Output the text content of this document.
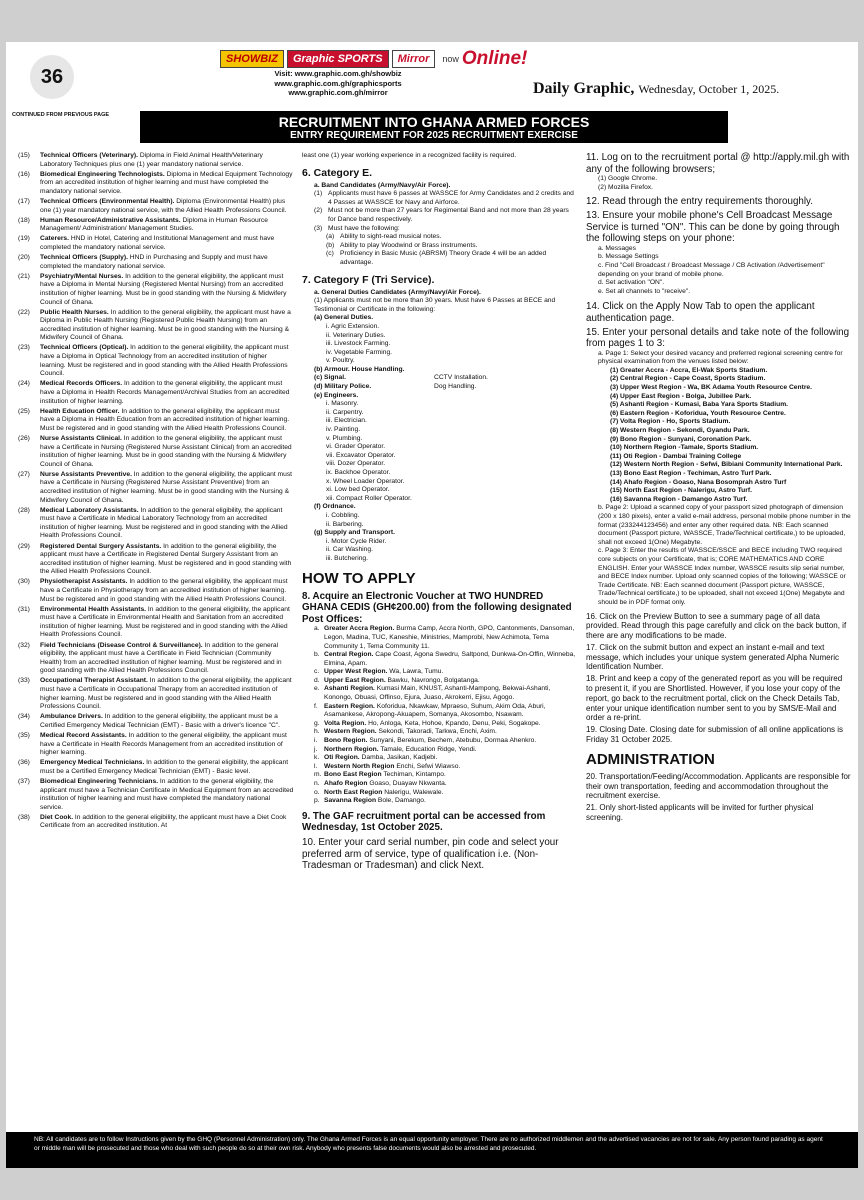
36
SHOWBIZ	Graphic SPORTS	Mirror	now Online!
Visit: www.graphic.com.gh/showbiz
www.graphic.com.gh/graphicsports
www.graphic.com.gh/mirror	Daily Graphic, Wednesday, October 1, 2025.
CONTINUED FROM PREVIOUS PAGE	RECRUITMENT INTO GHANA ARMED FORCES
ENTRY REQUIREMENT FOR 2025 RECRUITMENT EXERCISE
(15)	Technical Officers (Veterinary). Diploma in Field Animal Health/Veterinary Laboratory Techniques plus one (1) year mandatory national service.
(16)	Biomedical Engineering Technologists. Diploma in Medical Equipment Technology from an accredited institution of higher learning and must have completed the mandatory national service.
(17)	Technical Officers (Environmental Health). Diploma (Environmental Health) plus one (1) year mandatory national service, with the Allied Health Professions Council.
(18)	Human Resource/Administrative Assistants. Diploma in Human Resource Management/ Administration/ Management Studies.
(19)	Caterers. HND in Hotel, Catering and Institutional Management and must have completed the mandatory national service.
(20)	Technical Officers (Supply). HND in Purchasing and Supply and must have completed the mandatory national service.
(21)	Psychiatry/Mental Nurses. In addition to the general eligibility, the applicant must have a Diploma in Mental Nursing (Registered Mental Nursing) from an accredited institution of higher learning. Must be in good standing with the Nursing & Midwifery Council of Ghana.
(22)	Public Health Nurses. In addition to the general eligibility, the applicant must have a Diploma in Public Health Nursing (Registered Public Health Nursing) from an accredited institution of higher learning. Must be in good standing with the Nursing & Midwifery Council of Ghana.
(23)	Technical Officers (Optical). In addition to the general eligibility, the applicant must have a Diploma in Optical Technology from an accredited institution of higher learning. Must be registered and in good standing with the Allied Health Professions Council.
(24)	Medical Records Officers. In addition to the general eligibility, the applicant must have a Diploma in Health Records Management/Archival Studies from an accredited institution of higher learning.
(25)	Health Education Officer. In addition to the general eligibility, the applicant must have a Diploma in Health Education from an accredited institution of higher learning. Must be registered and in good standing with the Allied Health Professions Council.
(26)	Nurse Assistants Clinical. In addition to the general eligibility, the applicant must have a Certificate in Nursing (Registered Nurse Assistant Clinical) from an accredited institution of higher learning. Must be in good standing with the Nursing & Midwifery Council of Ghana.
(27)	Nurse Assistants Preventive. In addition to the general eligibility, the applicant must have a Certificate in Nursing (Registered Nurse Assistant Preventive) from an accredited institution of higher learning. Must be in good standing with the Nursing & Midwifery Council of Ghana.
(28)	Medical Laboratory Assistants. In addition to the general eligibility, the applicant must have a Certificate in Medical Laboratory Technology from an accredited institution of higher learning. Must be registered and in good standing with the Allied Health Professions Council.
(29)	Registered Dental Surgery Assistants. In addition to the general eligibility, the applicant must have a Certificate in Registered Dental Surgery Assistant from an accredited institution of higher learning. Must be registered and in good standing with the Allied Health Professions Council.
(30)	Physiotherapist Assistants. In addition to the general eligibility, the applicant must have a Certificate in Physiotherapy from an accredited institution of higher learning. Must be registered and in good standing with the Allied Health Professions Council.
(31)	Environmental Health Assistants. In addition to the general eligibility, the applicant must have a Certificate in Environmental Health and Sanitation from an accredited institution of higher learning. Must be registered and in good standing with the Allied Health Professions Council.
(32)	Field Technicians (Disease Control & Surveillance). In addition to the general eligibility, the applicant must have a Certificate in Field Technician (Community Health) from an accredited institution of higher learning. Must be registered and in good standing with the Allied Health Professions Council.
(33)	Occupational Therapist Assistant. In addition to the general eligibility, the applicant must have a Certificate in Occupational Therapy from an accredited institution of higher learning. Must be registered and in good standing with the Allied Health Professions Council.
(34)	Ambulance Drivers. In addition to the general eligibility, the applicant must be a Certified Emergency Medical Technician (EMT) - Basic with a driver's licence "C".
(35)	Medical Record Assistants. In addition to the general eligibility, the applicant must have a Certificate in Health Records Management from an accredited institution of higher learning.
(36)	Emergency Medical Technicians. In addition to the general eligibility, the applicant must be a Certified Emergency Medical Technician (EMT) - Basic level.
(37)	Biomedical Engineering Technicians. In addition to the general eligibility, the applicant must have a Technician Certificate in Medical Equipment from an accredited institution of higher learning and must have completed the mandatory national service.
(38)	Diet Cook. In addition to the general eligibility, the applicant must have a Diet Cook Certificate from an accredited institution. At
least one (1) year working experience in a recognized facility is required.
6. Category E.
a. Band Candidates (Army/Navy/Air Force).
(1) Applicants must have 6 passes at WASSCE for Army Candidates and 2 credits and 4 Passes at WASSCE for Navy and Airforce.
(2) Must not be more than 27 years for Regimental Band and not more than 28 years for Dance band respectively.
(3) Must have the following:
(a) Ability to sight-read musical notes.
(b) Ability to play Woodwind or Brass instruments.
(c) Proficiency in Basic Music (ABRSM) Theory Grade 4 will be an added advantage.
7. Category F (Tri Service).
a. General Duties Candidates (Army/Navy/Air Force).
(1) Applicants must not be more than 30 years. Must have 6 Passes at BECE and Testimonial or Certificate in the following:
(a) General Duties.
i. Agric Extension.
ii. Veterinary Duties.
iii. Livestock Farming.
iv. Vegetable Farming.
v. Poultry.
(b) Armour. House Handling.
(c) Signal.	CCTV Installation.
(d) Military Police.	Dog Handling.
(e) Engineers.
i. Masonry.
ii. Carpentry.
iii. Electrician.
iv. Painting.
v. Plumbing.
vi. Grader Operator.
vii. Excavator Operator.
viii. Dozer Operator.
ix. Backhoe Operator.
x. Wheel Loader Operator.
xi. Low bed Operator.
xii. Compact Roller Operator.
(f) Ordnance.
i. Cobbling.
ii. Barbering.
(g) Supply and Transport.
i. Motor Cycle Rider.
ii. Car Washing.
iii. Butchering.
HOW TO APPLY
8. Acquire an Electronic Voucher at TWO HUNDRED GHANA CEDIS (GH¢200.00) from the following designated Post Offices:
a. Greater Accra Region. Burma Camp, Accra North, GPO, Cantonments, Dansoman, Legon, Madina, TUC, Kaneshie, Ministries, Mamprobi, New Achimota, Tema Community 1, Tema Community 11.
b. Central Region. Cape Coast, Agona Swedru, Saltpond, Dunkwa-On-Offin, Winneba, Elmina, Apam.
c. Upper West Region. Wa, Lawra, Tumu.
d. Upper East Region. Bawku, Navrongo, Bolgatanga.
e. Ashanti Region. Kumasi Main, KNUST, Ashanti-Mampong, Bekwai-Ashanti, Konongo, Obuasi, Offinso, Ejura, Juaso, Akrokerri, Ejisu, Agogo.
f. Eastern Region. Koforidua, Nkawkaw, Mpraeso, Suhum, Akim Oda, Aburi, Asamankese, Akropong-Akuapem, Somanya, Akosombo, Nsawam.
g. Volta Region. Ho, Anloga, Keta, Hohoe, Kpando, Denu, Peki, Sogakope.
h. Western Region. Sekondi, Takoradi, Tarkwa, Enchi, Axim.
i. Bono Region. Sunyani, Berekum, Bechem, Atebubu, Dormaa Ahenkro.
j. Northern Region. Tamale, Education Ridge, Yendi.
k. Oti Region. Damba, Jasikan, Kadjebi.
l. Western North Region Enchi, Sefwi Wiawso.
m. Bono East Region Techiman, Kintampo.
n. Ahafo Region Goaso, Duayaw Nkwanta.
o. North East Region Nalerigu, Walewale.
p. Savanna Region Bole, Damango.
9. The GAF recruitment portal can be accessed from Wednesday, 1st October 2025.
10. Enter your card serial number, pin code and select your preferred arm of service, type of qualification i.e. (Non- Tradesman or Tradesman) and click Next.
11. Log on to the recruitment portal @ http://apply.mil.gh with any of the following browsers;
(1) Google Chrome.
(2) Mozilla Firefox.
12. Read through the entry requirements thoroughly.
13. Ensure your mobile phone's Cell Broadcast Message Service is turned "ON". This can be done by going through the following steps on your phone:
a. Messages
b. Message Settings
c. Find "Cell Broadcast / Broadcast Message / CB Activation /Advertisement" depending on your brand of mobile phone.
d. Set activation "ON".
e. Set all channels to "receive".
14. Click on the Apply Now Tab to open the applicant authentication page.
15. Enter your personal details and take note of the following from pages 1 to 3:
a. Page 1: Select your desired vacancy and preferred regional screening centre for physical examination from the venues listed below:
(1) Greater Accra - Accra, El-Wak Sports Stadium.
(2) Central Region - Cape Coast, Sports Stadium.
(3) Upper West Region - Wa, BK Adama Youth Resource Centre.
(4) Upper East Region - Bolga, Jubillee Park.
(5) Ashanti Region - Kumasi, Baba Yara Sports Stadium.
(6) Eastern Region - Koforidua, Youth Resource Centre.
(7) Volta Region - Ho, Sports Stadium.
(8) Western Region - Sekondi, Gyandu Park.
(9) Bono Region - Sunyani, Coronation Park.
(10) Northern Region -Tamale, Sports Stadium.
(11) Oti Region - Dambai Training College
(12) Western North Region - Sefwi, Bibiani Community International Park.
(13) Bono East Region - Techiman, Astro Turf Park.
(14) Ahafo Region - Goaso, Nana Bosomprah Astro Turf
(15) North East Region - Nalerigu, Astro Turf.
(16) Savanna Region - Damango Astro Turf.
b. Page 2: Upload a scanned copy of your passport sized photograph of dimension (200 x 180 pixels), enter a valid e-mail address, personal mobile phone number in the format (233244123456) and enter any other required data. NB: Each scanned document (Passport picture, WASSCE, Trade/Technical certificate,) to be uploaded, shall not exceed 1(One) Megabyte.
c. Page 3: Enter the results of WASSCE/SSCE and BECE including TWO required core subjects on your Certificate, that is; CORE MATHEMATICS AND CORE ENGLISH. Enter your WASSCE Index number, WASSCE results slip serial number, and BECE Index number. Upload only scanned copies of the following; WASSCE or Trade Certificate. NB: Each scanned document (Passport picture, WASSCE, Trade/Technical certificate,) to be uploaded, shall not exceed 1(One) Megabyte and should be in PDF format only.
16. Click on the Preview Button to see a summary page of all data provided. Read through this page carefully and click on the back button, if there are any modifications to be made.
17. Click on the submit button and expect an instant e-mail and text message, which includes your unique system generated Alpha Numeric Identification Number.
18. Print and keep a copy of the generated report as you will be required to present it, if you are Shortlisted. However, if you lose your copy of the report, go back to the recruitment portal, click on the Check Details Tab, enter your unique identification number sent to you by SMS/E-Mail and order a re-print.
19. Closing Date. Closing date for submission of all online applications is Friday 31 October 2025.
ADMINISTRATION
20. Transportation/Feeding/Accommodation. Applicants are responsible for their own transportation, feeding and accommodation throughout the recruitment exercise.
21. Only short-listed applicants will be invited for further physical screening.
NB: All candidates are to follow Instructions given by the GHQ (Personnel Administration) only. The Ghana Armed Forces is an equal opportunity employer. There are no authorized middlemen and the advertised vacancies are not for sale. Any person found parading as agent or middle man will be prosecuted and those who deal with such people do so at their own risk. Anybody who presents false documents would also be arrested and prosecuted.
